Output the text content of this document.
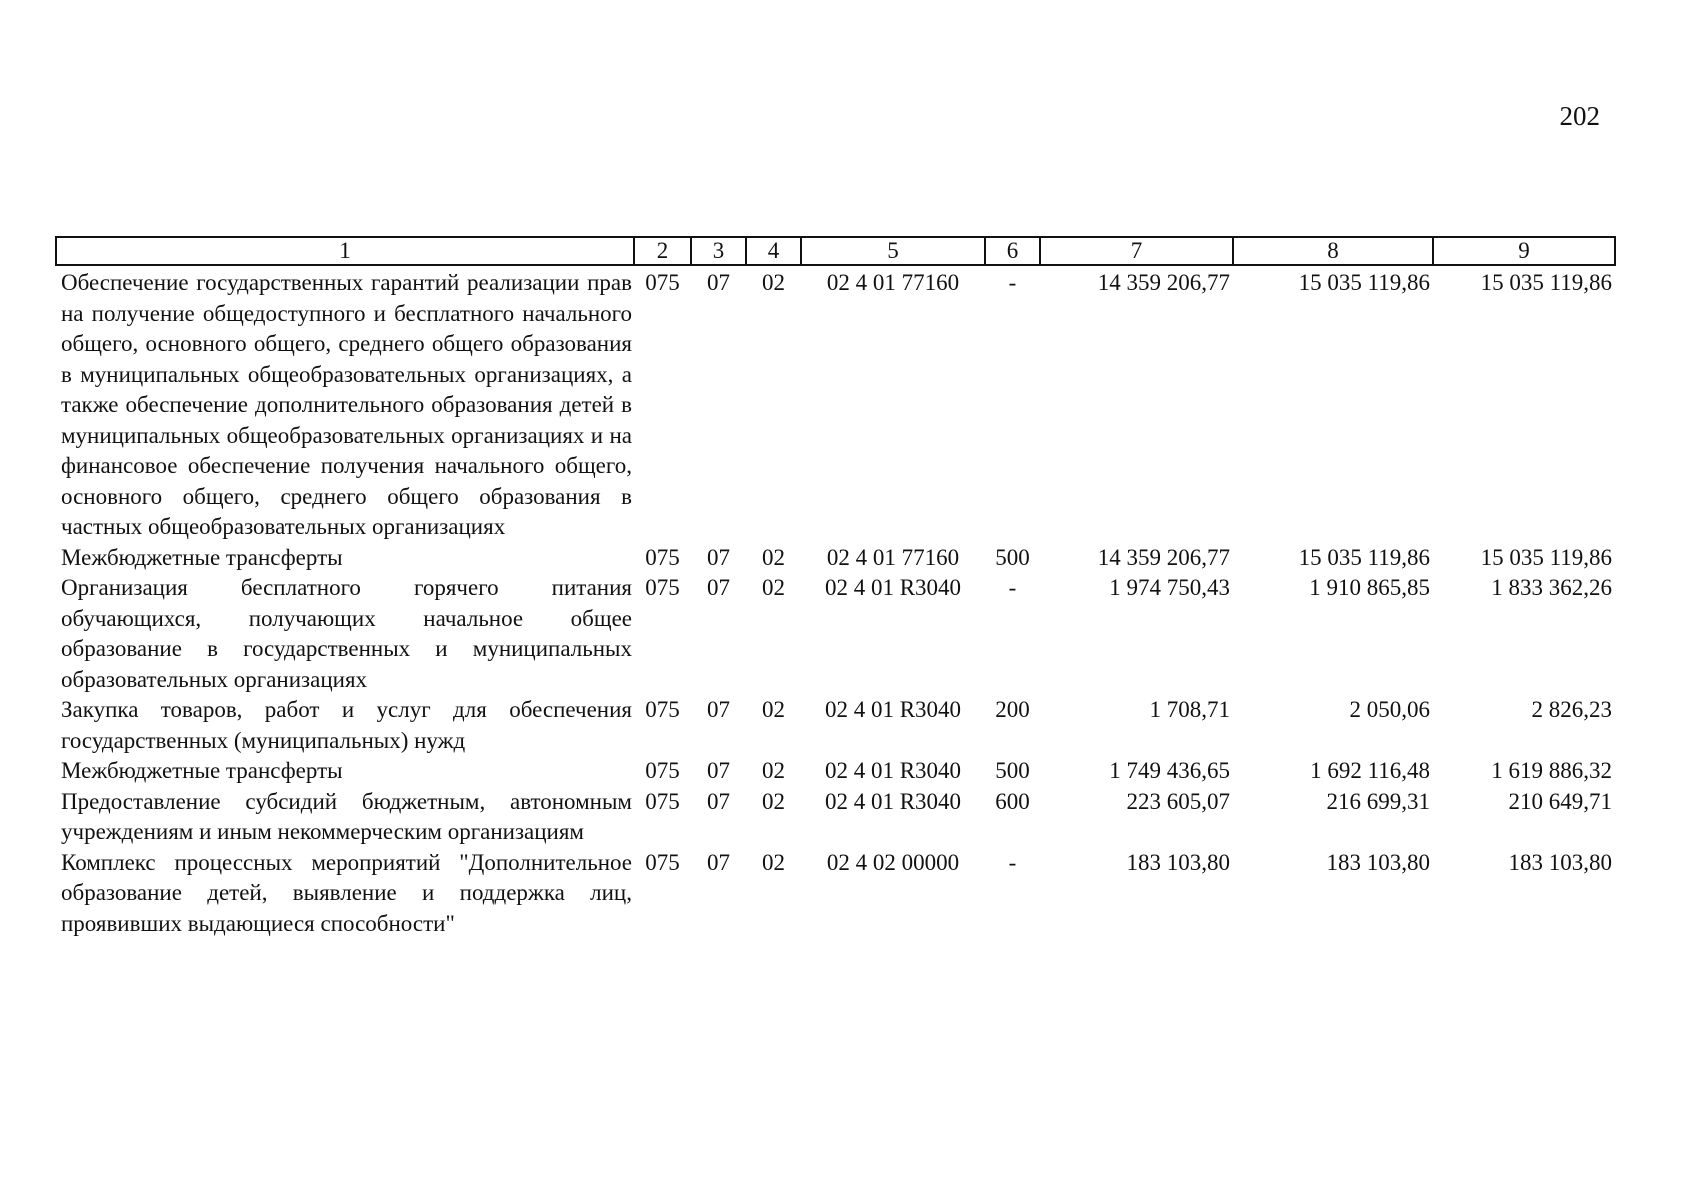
202
1	2	3	4	5	6	7	8	9
Обеспечение государственных гарантий реализации прав на получение общедоступного и бесплатного начального общего, основного общего, среднего общего образования в муниципальных общеобразовательных организациях, а также обеспечение дополнительного образования детей в муниципальных общеобразовательных организациях и на финансовое обеспечение получения начального общего, основного общего, среднего общего образования в частных общеобразовательных организациях	075	07	02	02 4 01 77160	-	14 359 206,77	15 035 119,86	15 035 119,86
Межбюджетные трансферты	075	07	02	02 4 01 77160	500	14 359 206,77	15 035 119,86	15 035 119,86
Организация бесплатного горячего питания обучающихся, получающих начальное общее образование в государственных и муниципальных образовательных организациях	075	07	02	02 4 01 R3040	-	1 974 750,43	1 910 865,85	1 833 362,26
Закупка товаров, работ и услуг для обеспечения государственных (муниципальных) нужд	075	07	02	02 4 01 R3040	200	1 708,71	2 050,06	2 826,23
Межбюджетные трансферты	075	07	02	02 4 01 R3040	500	1 749 436,65	1 692 116,48	1 619 886,32
Предоставление субсидий бюджетным, автономным учреждениям и иным некоммерческим организациям	075	07	02	02 4 01 R3040	600	223 605,07	216 699,31	210 649,71
Комплекс процессных мероприятий "Дополнительное образование детей, выявление и поддержка лиц, проявивших выдающиеся способности"	075	07	02	02 4 02 00000	-	183 103,80	183 103,80	183 103,80
